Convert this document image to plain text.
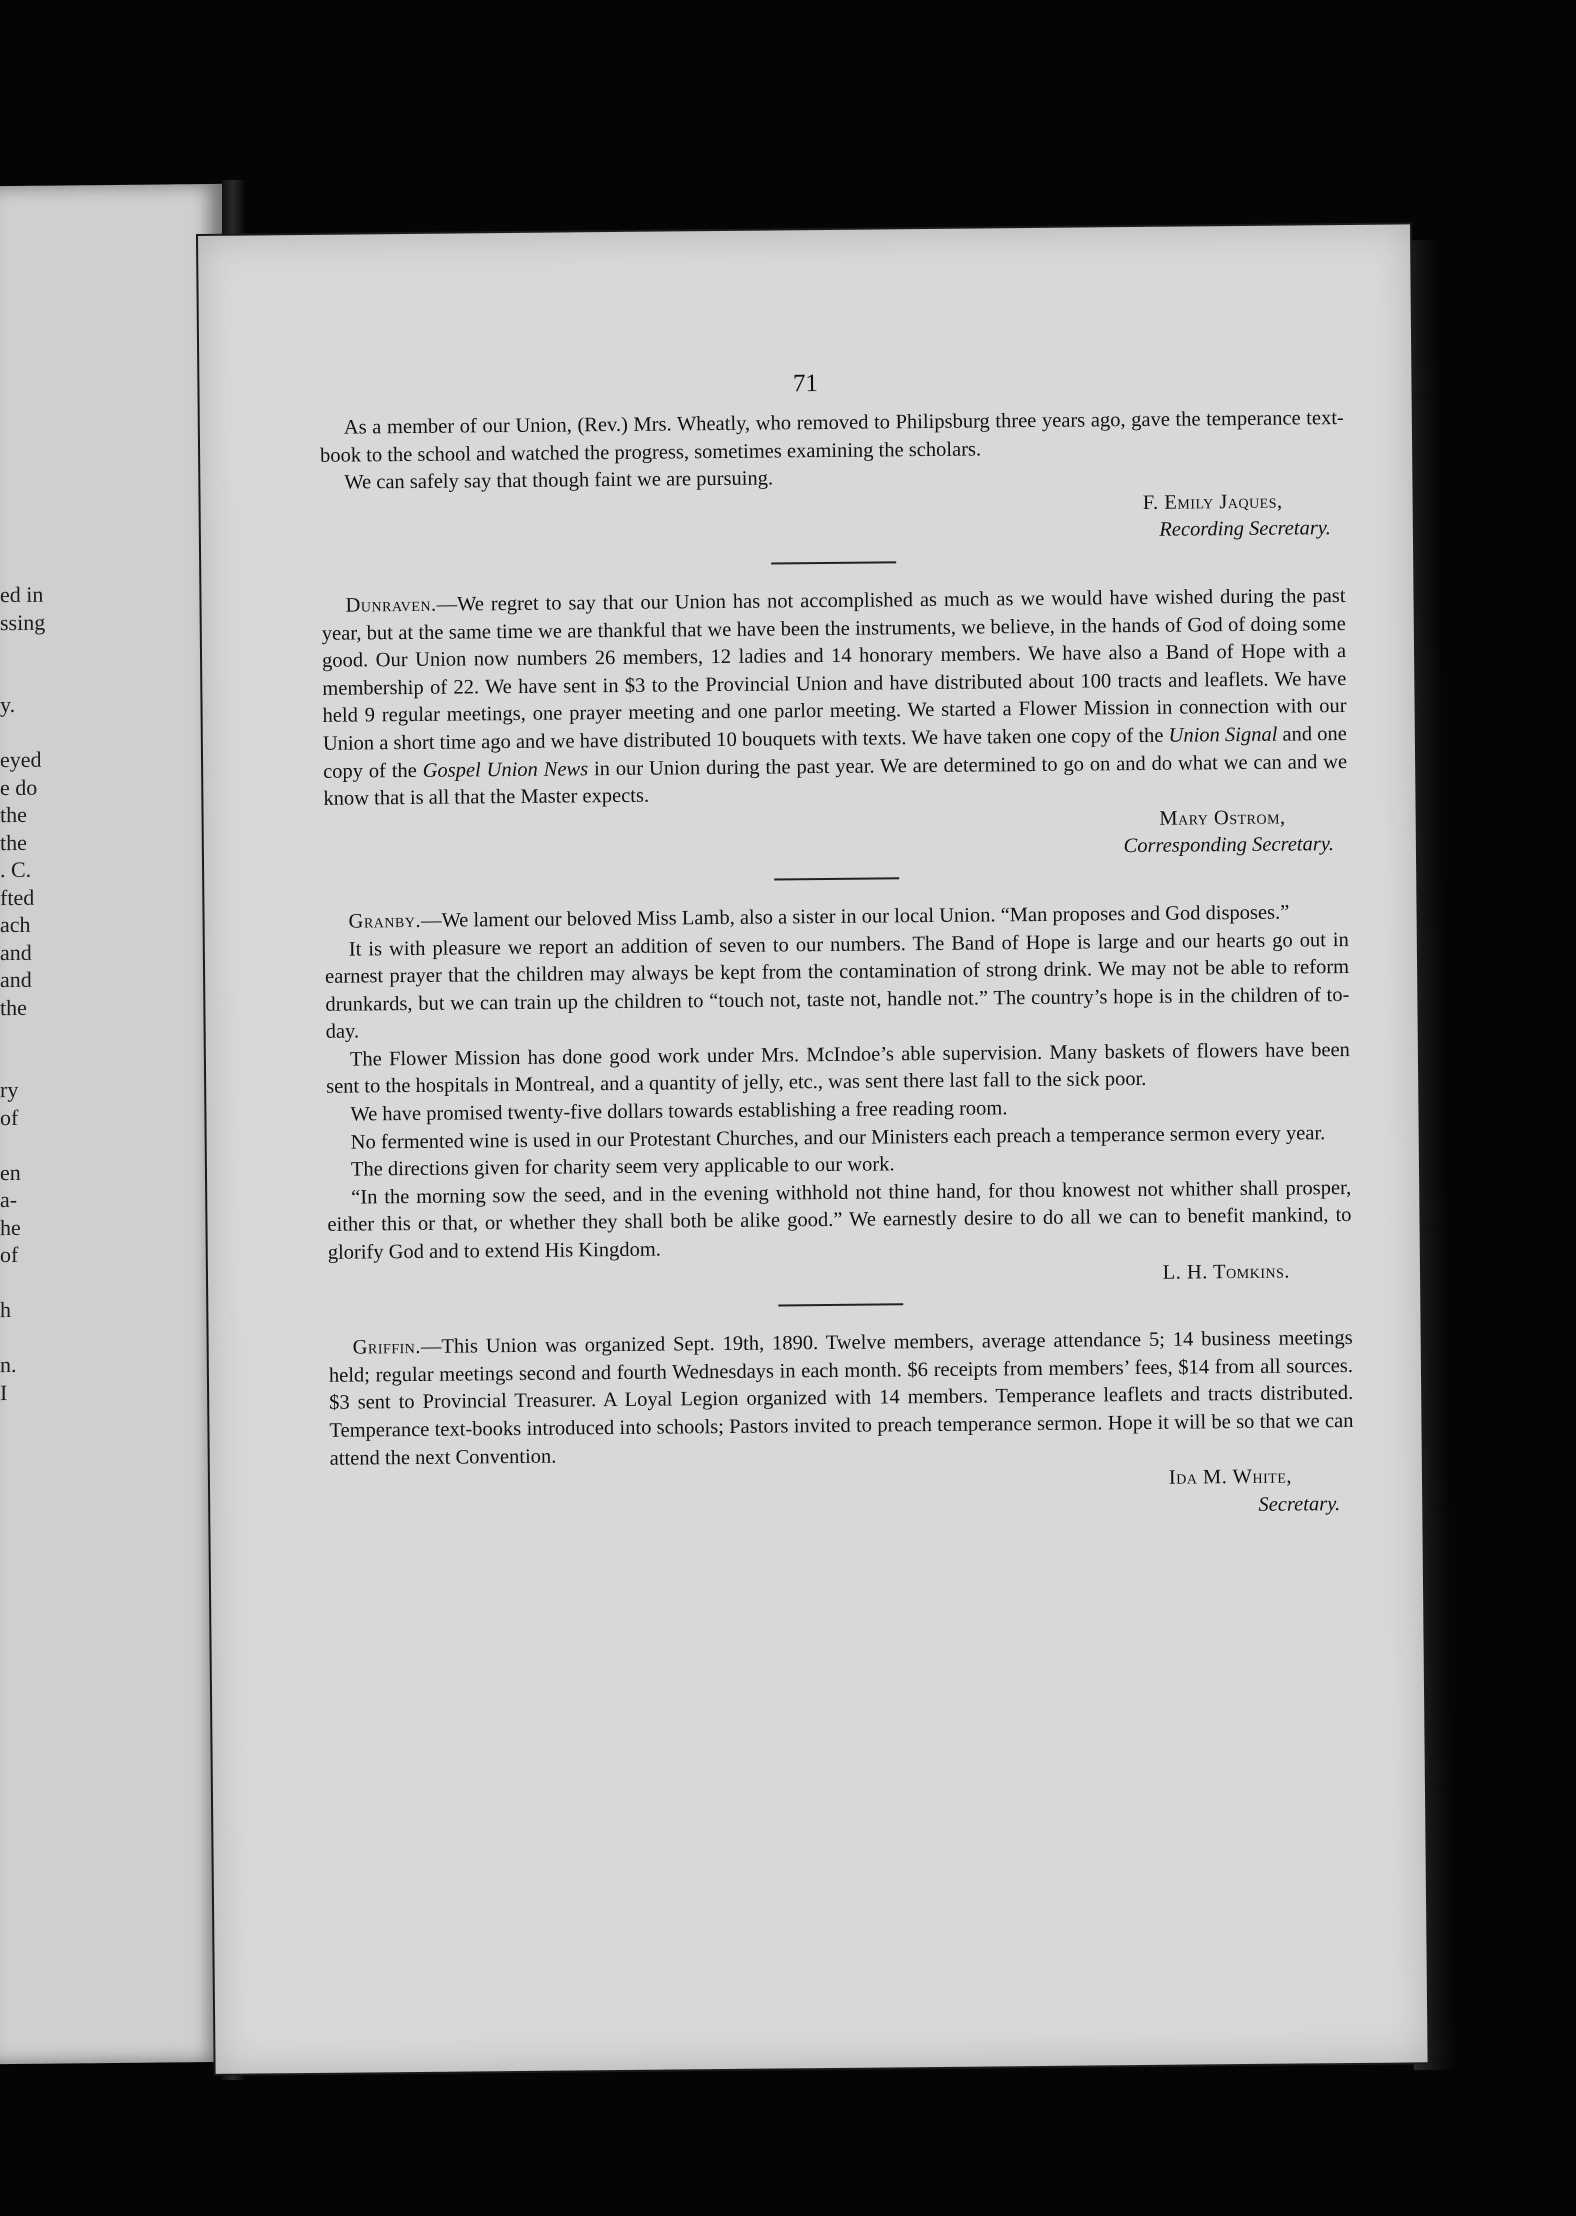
ed in
ssing
y.
eyed
e do
the
the
. C.
fted
ach
and
and
the
ry
of
en
a-
he
of
h
n.
I
71

As a member of our Union, (Rev.) Mrs. Wheatly, who removed to Philipsburg three years ago, gave the temperance text-book to the school and watched the progress, sometimes examining the scholars.

We can safely say that though faint we are pursuing.

F. Emily Jaques,

Recording Secretary.

Dunraven.—We regret to say that our Union has not accomplished as much as we would have wished during the past year, but at the same time we are thankful that we have been the instruments, we believe, in the hands of God of doing some good. Our Union now numbers 26 members, 12 ladies and 14 honorary members. We have also a Band of Hope with a membership of 22. We have sent in $3 to the Provincial Union and have distributed about 100 tracts and leaflets. We have held 9 regular meetings, one prayer meeting and one parlor meeting. We started a Flower Mission in connection with our Union a short time ago and we have distributed 10 bouquets with texts. We have taken one copy of the Union Signal and one copy of the Gospel Union News in our Union during the past year. We are determined to go on and do what we can and we know that is all that the Master expects.

Mary Ostrom,

Corresponding Secretary.

Granby.—We lament our beloved Miss Lamb, also a sister in our local Union. “Man proposes and God disposes.”

It is with pleasure we report an addition of seven to our numbers. The Band of Hope is large and our hearts go out in earnest prayer that the children may always be kept from the contamination of strong drink. We may not be able to reform drunkards, but we can train up the children to “touch not, taste not, handle not.” The country’s hope is in the children of to-day.

The Flower Mission has done good work under Mrs. McIndoe’s able supervision. Many baskets of flowers have been sent to the hospitals in Montreal, and a quantity of jelly, etc., was sent there last fall to the sick poor.

We have promised twenty-five dollars towards establishing a free reading room.

No fermented wine is used in our Protestant Churches, and our Ministers each preach a temperance sermon every year.

The directions given for charity seem very applicable to our work.

“In the morning sow the seed, and in the evening withhold not thine hand, for thou knowest not whither shall prosper, either this or that, or whether they shall both be alike good.” We earnestly desire to do all we can to benefit mankind, to glorify God and to extend His Kingdom.

L. H. Tomkins.

Griffin.—This Union was organized Sept. 19th, 1890. Twelve members, average attendance 5; 14 business meetings held; regular meetings second and fourth Wednesdays in each month. $6 receipts from members’ fees, $14 from all sources. $3 sent to Provincial Treasurer. A Loyal Legion organized with 14 members. Temperance leaflets and tracts distributed. Temperance text-books introduced into schools; Pastors invited to preach temperance sermon. Hope it will be so that we can attend the next Convention.

Ida M. White,

Secretary.
